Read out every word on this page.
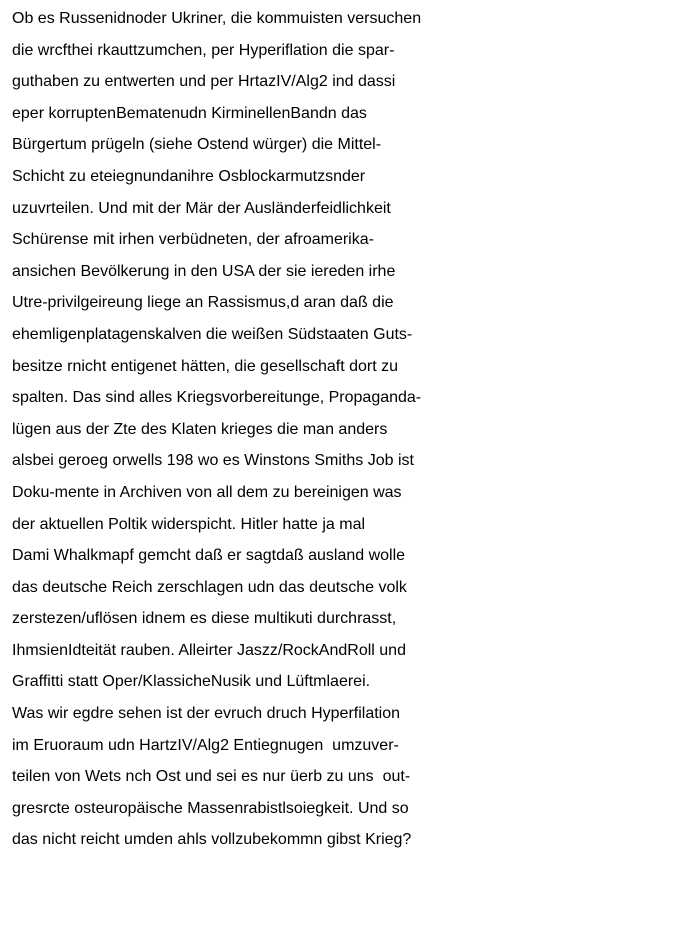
Ob es Russenidnoder Ukriner, die kommuisten versuchen
die wrcfthei rkauttzumchen, per Hyperiflation die spar-
guthaben zu entwerten und per HrtazIV/Alg2 ind dassi
eper korruptenBematenudn KirminellenBandn das
Bürgertum prügeln (siehe Ostend würger) die Mittel-
Schicht zu eteiegnundanihre Osblockarmutzsnder
uzuvrteilen. Und mit der Mär der Ausländerfeidlichkeit
Schürense mit irhen verbüdneten, der afroamerika-
ansichen Bevölkerung in den USA der sie iereden irhe
Utre-privilgeireung liege an Rassismus,d aran daß die
ehemligenplatagenskalven die weißen Südstaaten Guts-
besitze rnicht entigenet hätten, die gesellschaft dort zu
spalten. Das sind alles Kriegsvorbereitunge, Propaganda-
lügen aus der Zte des Klaten krieges die man anders
alsbei geroeg orwells 198 wo es Winstons Smiths Job ist
Doku-mente in Archiven von all dem zu bereinigen was
der aktuellen Poltik widerspicht. Hitler hatte ja mal
Dami Whalkmapf gemcht daß er sagtdaß ausland wolle
das deutsche Reich zerschlagen udn das deutsche volk
zerstezen/uflösen idnem es diese multikuti durchrasst,
IhmsienIdteität rauben. Alleirter Jaszz/RockAndRoll und
Graffitti statt Oper/KlassicheNusik und Lüftmlaerei.
Was wir egdre sehen ist der evruch druch Hyperfilation
im Eruoraum udn HartzIV/Alg2 Entiegnugen  umzuver-
teilen von Wets nch Ost und sei es nur üerb zu uns  out-
gresrcte osteuropäische Massenrabistlsoiegkeit. Und so
das nicht reicht umden ahls vollzubekommn gibst Krieg?
